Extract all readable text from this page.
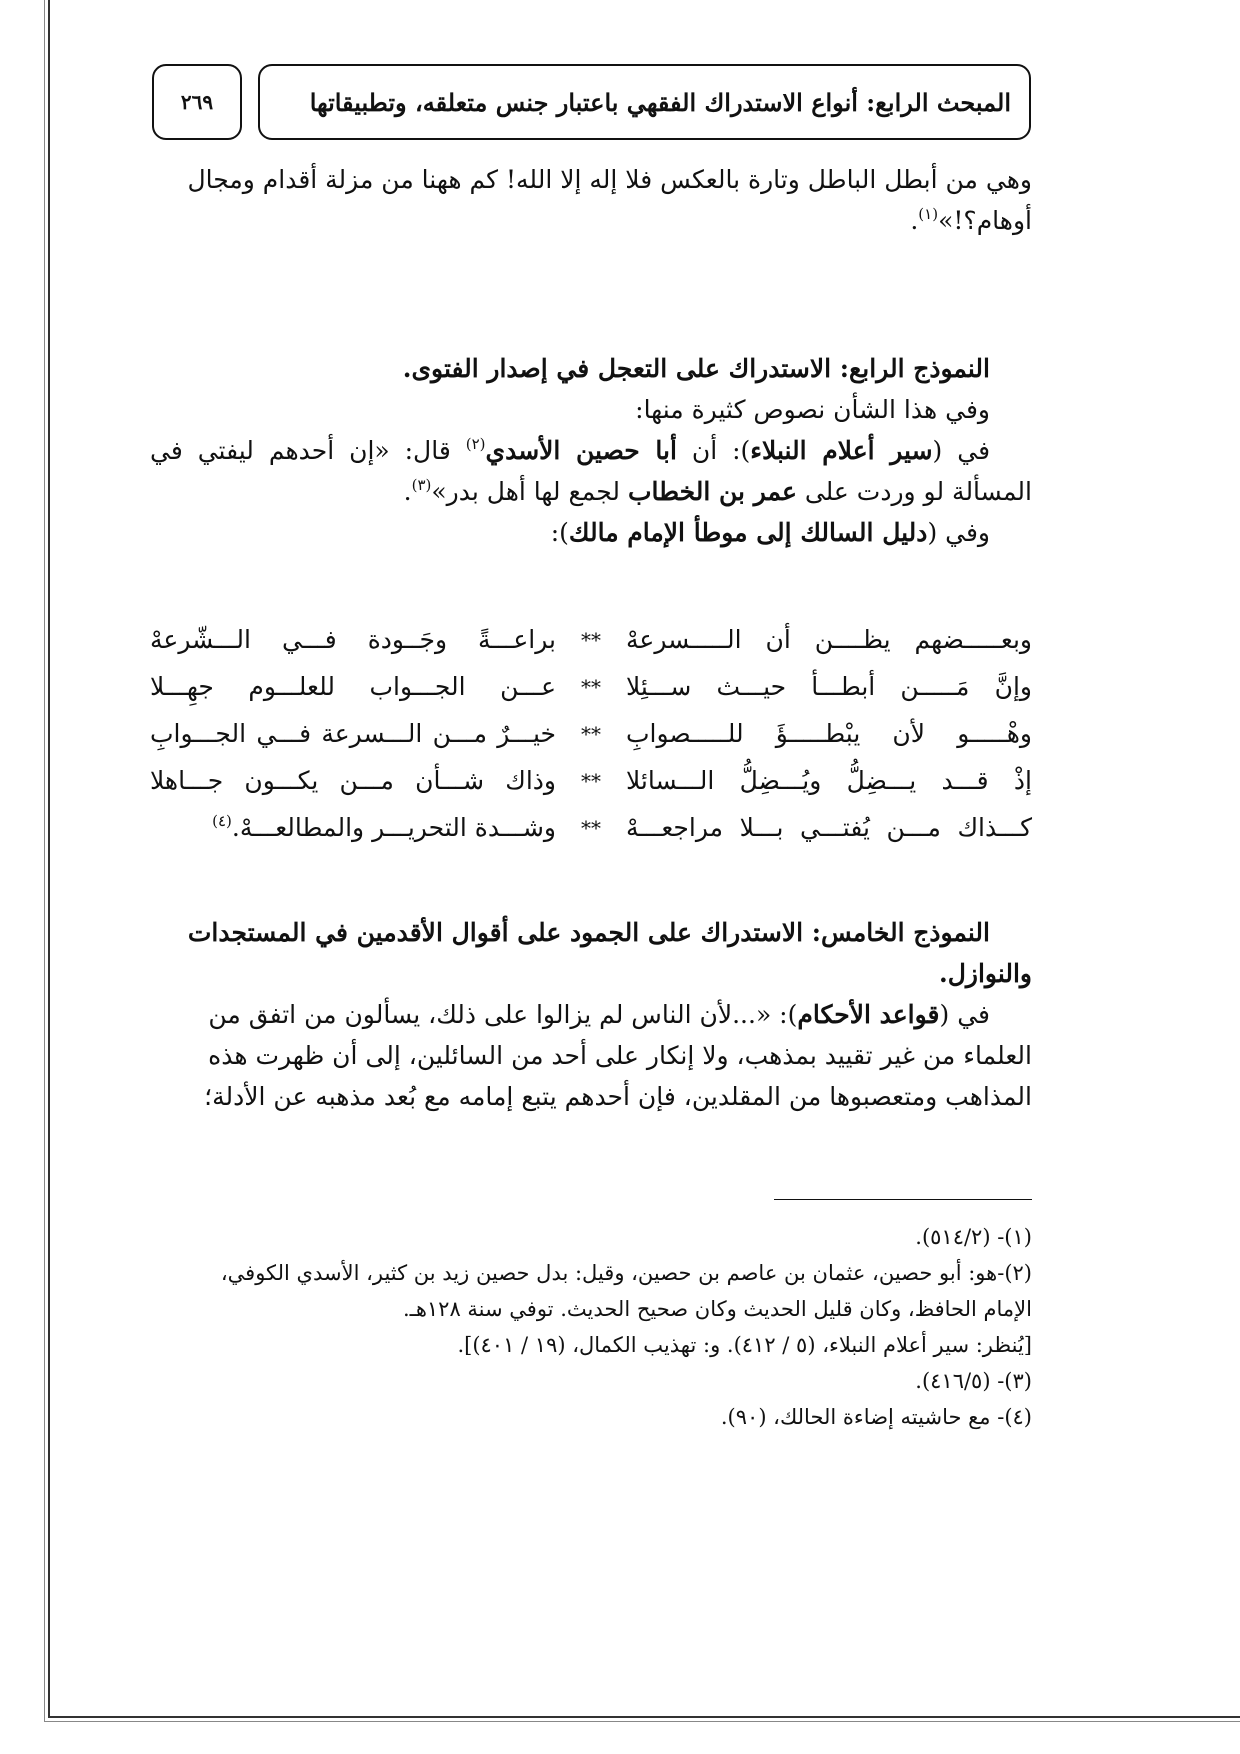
المبحث الرابع: أنواع الاستدراك الفقهي باعتبار جنس متعلقه، وتطبيقاتها
٢٦٩

وهي من أبطل الباطل وتارة بالعكس فلا إله إلا الله! كم ههنا من مزلة أقدام ومجال

أوهام؟!»$^{(١)}$.

النموذج الرابع: الاستدراك على التعجل في إصدار الفتوى.

وفي هذا الشأن نصوص كثيرة منها:

في (سير أعلام النبلاء): أن أبا حصين الأسدي$^{(٢)}$ قال: «إن أحدهم ليفتي في المسألة لو وردت على عمر بن الخطاب لجمع لها أهل بدر»$^{(٣)}$.

وفي (دليل السالك إلى موطأ الإمام مالك):

وبعـــــضهم يظــــن أن الـــــسرعهْ
**
براعـــةً وجَــودة فـــي الـــشّرعهْ
وإنَّ مَـــــن أبطـــأ حيـــث ســـئِلا
**
عـــن الجـــواب للعلـــوم جهِـــلا
وهْـــــو لأن يبْطـــــؤَ للـــــصوابِ
**
خيـــرٌ مـــن الـــسرعة فـــي الجـــوابِ
إذْ قـــد يـــضِلُّ ويُـــضِلُّ الـــسائلا
**
وذاك شـــأن مـــن يكـــون جـــاهلا
كـــذاك مـــن يُفتـــي بـــلا مراجعـــهْ
**
وشـــدة التحريـــر والمطالعـــهْ.$^{(٤)}$

النموذج الخامس: الاستدراك على الجمود على أقوال الأقدمين في المستجدات

والنوازل.

في (قواعد الأحكام): «...لأن الناس لم يزالوا على ذلك، يسألون من اتفق من

العلماء من غير تقييد بمذهب، ولا إنكار على أحد من السائلين، إلى أن ظهرت هذه

المذاهب ومتعصبوها من المقلدين، فإن أحدهم يتبع إمامه مع بُعد مذهبه عن الأدلة؛

(١)- (٥١٤/٢).

(٢)-هو: أبو حصين، عثمان بن عاصم بن حصين، وقيل: بدل حصين زيد بن كثير، الأسدي الكوفي،

الإمام الحافظ، وكان قليل الحديث وكان صحيح الحديث. توفي سنة ١٢٨هـ.

[يُنظر: سير أعلام النبلاء، (٥ / ٤١٢). و: تهذيب الكمال، (١٩ / ٤٠١)].

(٣)- (٤١٦/٥).

(٤)- مع حاشيته إضاءة الحالك، (٩٠).
